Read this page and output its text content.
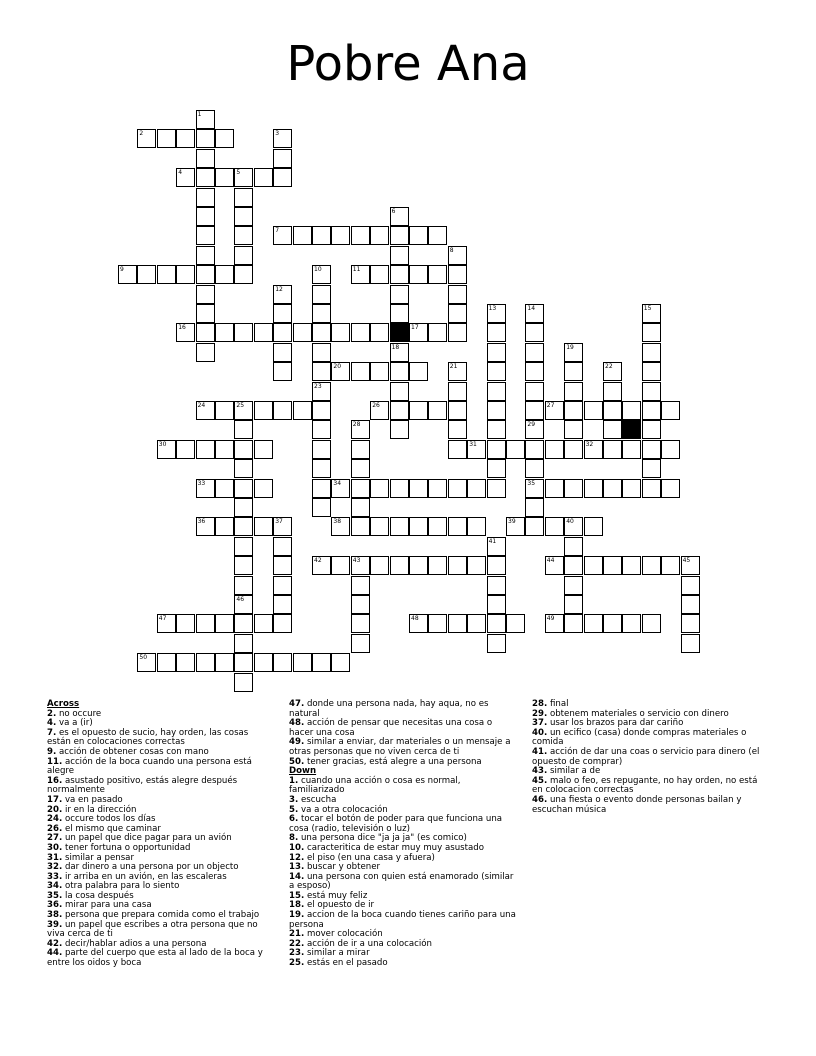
Pobre Ana
2
4	5
7
9	11
16	17
20
24	25	26	27
30	31	32
33	34	35
36	37	38	39	40
42	43	44	45
47	48	49
50
1
3
6
18
8
10
23
12
13	14
29
15
19
21	22
46
28
41
Across
2. no occure
4. va a (ir)
7. es el opuesto de sucio, hay orden, las cosas están en colocaciones correctas
9. acción de obtener cosas con mano
11. acción de la boca cuando una persona está alegre
16. asustado positivo, estás alegre después normalmente
17. va en pasado
20. ir en la dirección
24. occure todos los días
26. el mismo que caminar
27. un papel que dice pagar para un avión
30. tener fortuna o opportunidad
31. similar a pensar
32. dar dinero a una persona por un objecto
33. ir arriba en un avión, en las escaleras
34. otra palabra para lo siento
35. la cosa después
36. mirar para una casa
38. persona que prepara comida como el trabajo
39. un papel que escribes a otra persona que no viva cerca de ti
42. decir/hablar adios a una persona
44. parte del cuerpo que esta al lado de la boca y entre los oidos y boca
47. donde una persona nada, hay aqua, no es natural
48. acción de pensar que necesitas una cosa o hacer una cosa
49. similar a enviar, dar materiales o un mensaje a otras personas que no viven cerca de ti
50. tener gracias, está alegre a una persona
Down
1. cuando una acción o cosa es normal, familiarizado
3. escucha
5. va a otra colocación
6. tocar el botón de poder para que funciona una cosa (radio, televisión o luz)
8. una persona dice "ja ja ja" (es comico)
10. caracteritica de estar muy muy asustado
12. el piso (en una casa y afuera)
13. buscar y obtener
14. una persona con quien está enamorado (similar a esposo)
15. está muy feliz
18. el opuesto de ir
19. accion de la boca cuando tienes cariño para una persona
21. mover colocación
22. acción de ir a una colocación
23. similar a mirar
25. estás en el pasado
28. final
29. obtenem materiales o servicio con dinero
37. usar los brazos para dar cariño
40. un ecifico (casa) donde compras materiales o comida
41. acción de dar una coas o servicio para dinero (el opuesto de comprar)
43. similar a de
45. malo o feo, es repugante, no hay orden, no está en colocacion correctas
46. una fiesta o evento donde personas bailan y escuchan música
